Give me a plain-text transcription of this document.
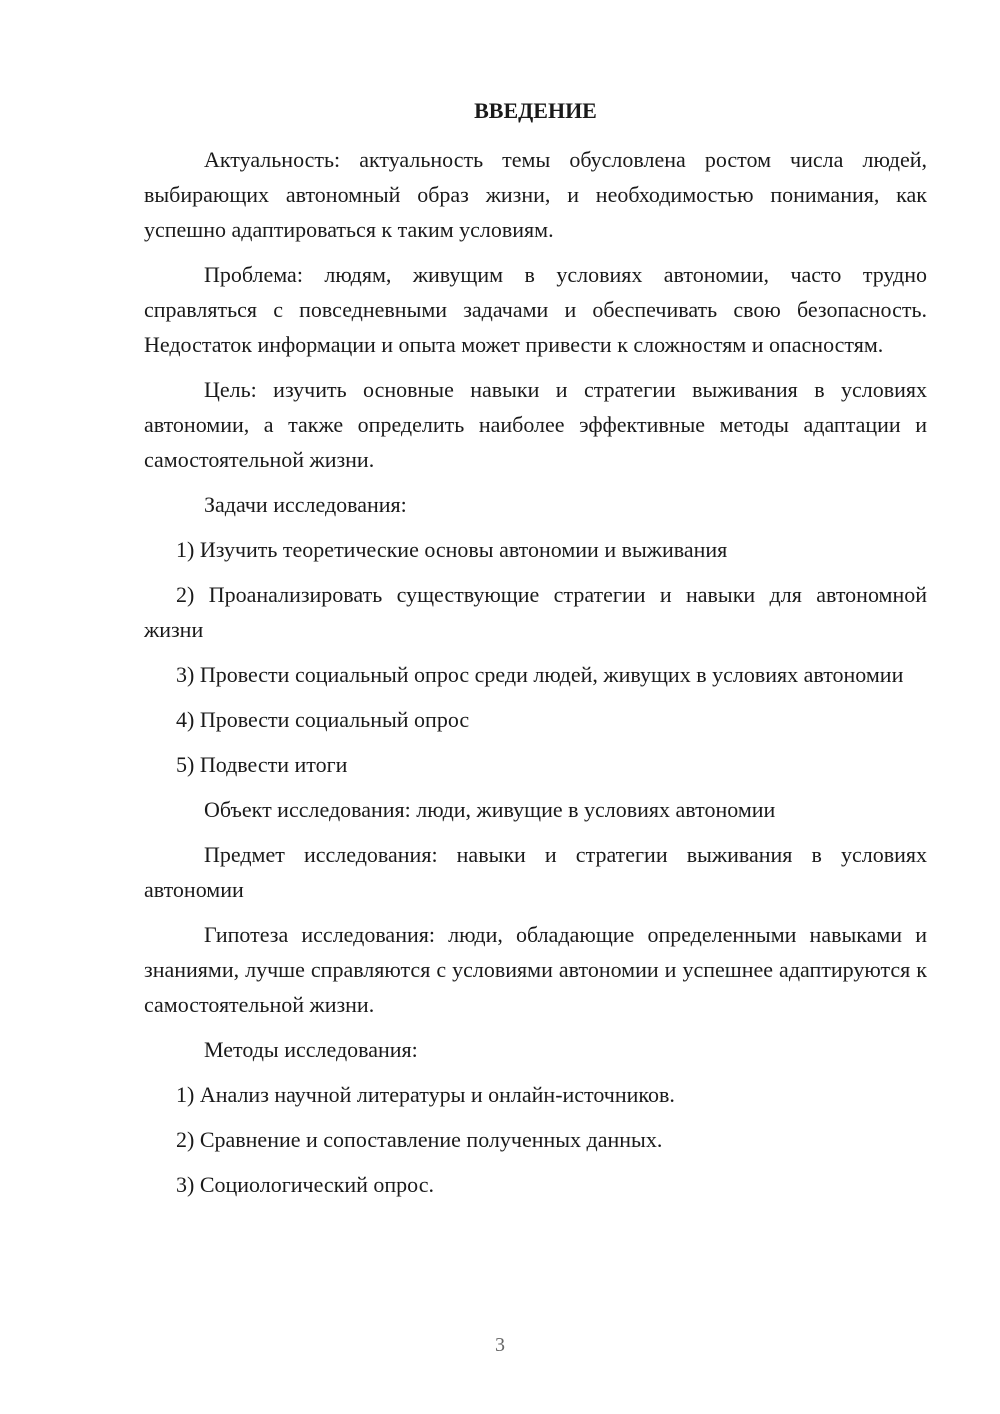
ВВЕДЕНИЕ

Актуальность: актуальность темы обусловлена ростом числа людей, выбирающих автономный образ жизни, и необходимостью понимания, как успешно адаптироваться к таким условиям.

Проблема: людям, живущим в условиях автономии, часто трудно справляться с повседневными задачами и обеспечивать свою безопасность. Недостаток информации и опыта может привести к сложностям и опасностям.

Цель: изучить основные навыки и стратегии выживания в условиях автономии, а также определить наиболее эффективные методы адаптации и самостоятельной жизни.

Задачи исследования:

1) Изучить теоретические основы автономии и выживания

2) Проанализировать существующие стратегии и навыки для автономной жизни

3) Провести социальный опрос среди людей, живущих в условиях автономии

4) Провести социальный опрос

5) Подвести итоги

Объект исследования: люди, живущие в условиях автономии

Предмет исследования: навыки и стратегии выживания в условиях автономии

Гипотеза исследования: люди, обладающие определенными навыками и знаниями, лучше справляются с условиями автономии и успешнее адаптируются к самостоятельной жизни.

Методы исследования:

1) Анализ научной литературы и онлайн-источников.

2) Сравнение и сопоставление полученных данных.

3) Социологический опрос.

3
